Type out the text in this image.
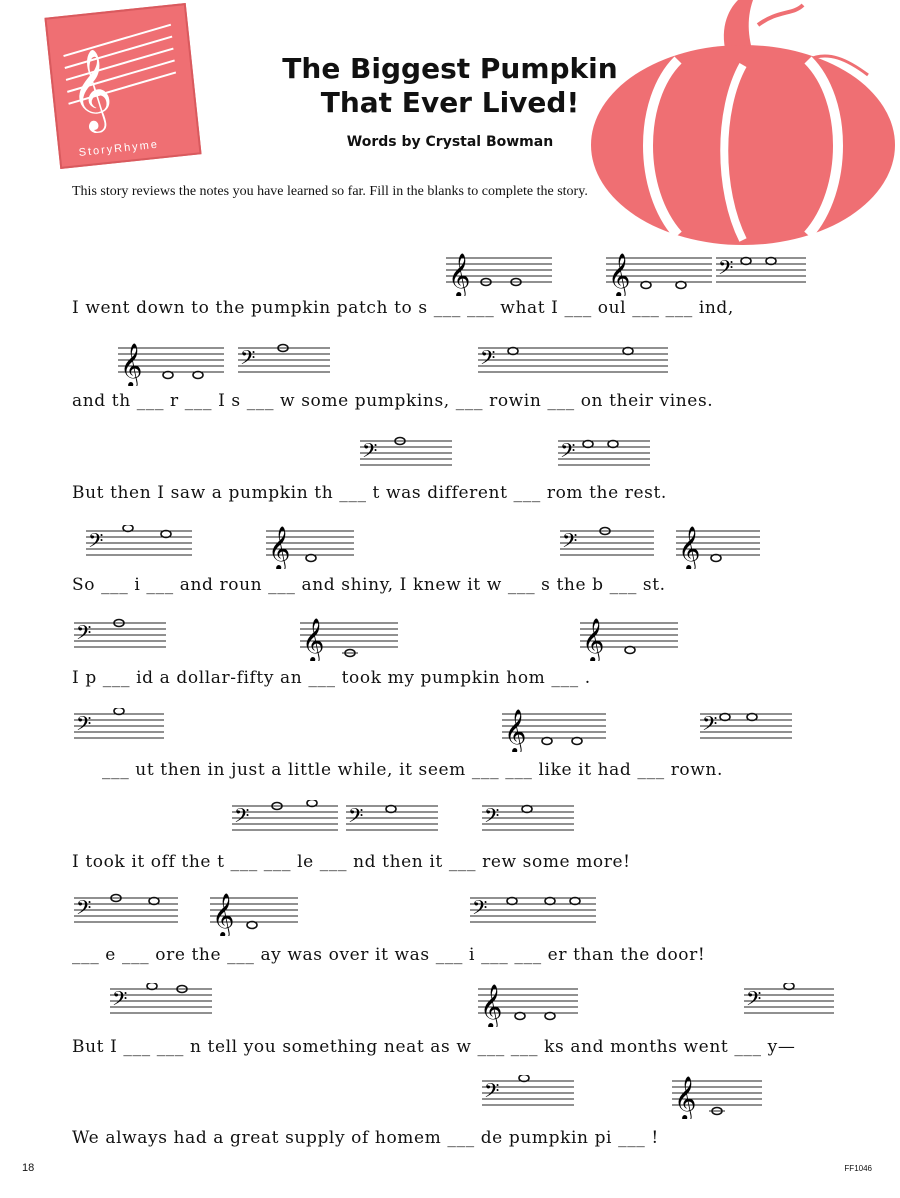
𝄞
StoryRhyme
The Biggest Pumpkin
That Ever Lived!
Words by Crystal Bowman
This story reviews the notes you have learned so far. Fill in the blanks to complete the story.
I went down to the pumpkin patch to s ___ ___ what I ___ oul ___ ___ ind,
and th ___ r ___ I s ___ w some pumpkins, ___ rowin ___ on their vines.
But then I saw a pumpkin th ___ t was different ___ rom the rest.
So ___ i ___ and roun ___ and shiny, I knew it w ___ s the b ___ st.
I p ___ id a dollar-fifty an ___ took my pumpkin hom ___ .
___ ut then in just a little while, it seem ___ ___ like it had ___ rown.
I took it off the t ___ ___ le ___ nd then it ___ rew some more!
___ e ___ ore the ___ ay was over it was ___ i ___ ___ er than the door!
But I ___ ___ n tell you something neat as w ___ ___ ks and months went ___ y—
We always had a great supply of homem ___ de pumpkin pi ___ !
𝄞	𝄞	𝄢
𝄞	𝄢	𝄢
𝄢	𝄢
𝄢	𝄞	𝄢	𝄞
𝄢	𝄞	𝄞
𝄢	𝄞	𝄢
𝄢	𝄢	𝄢
𝄢	𝄞	𝄢
𝄢	𝄞	𝄢
𝄢	𝄞
18	FF1046
